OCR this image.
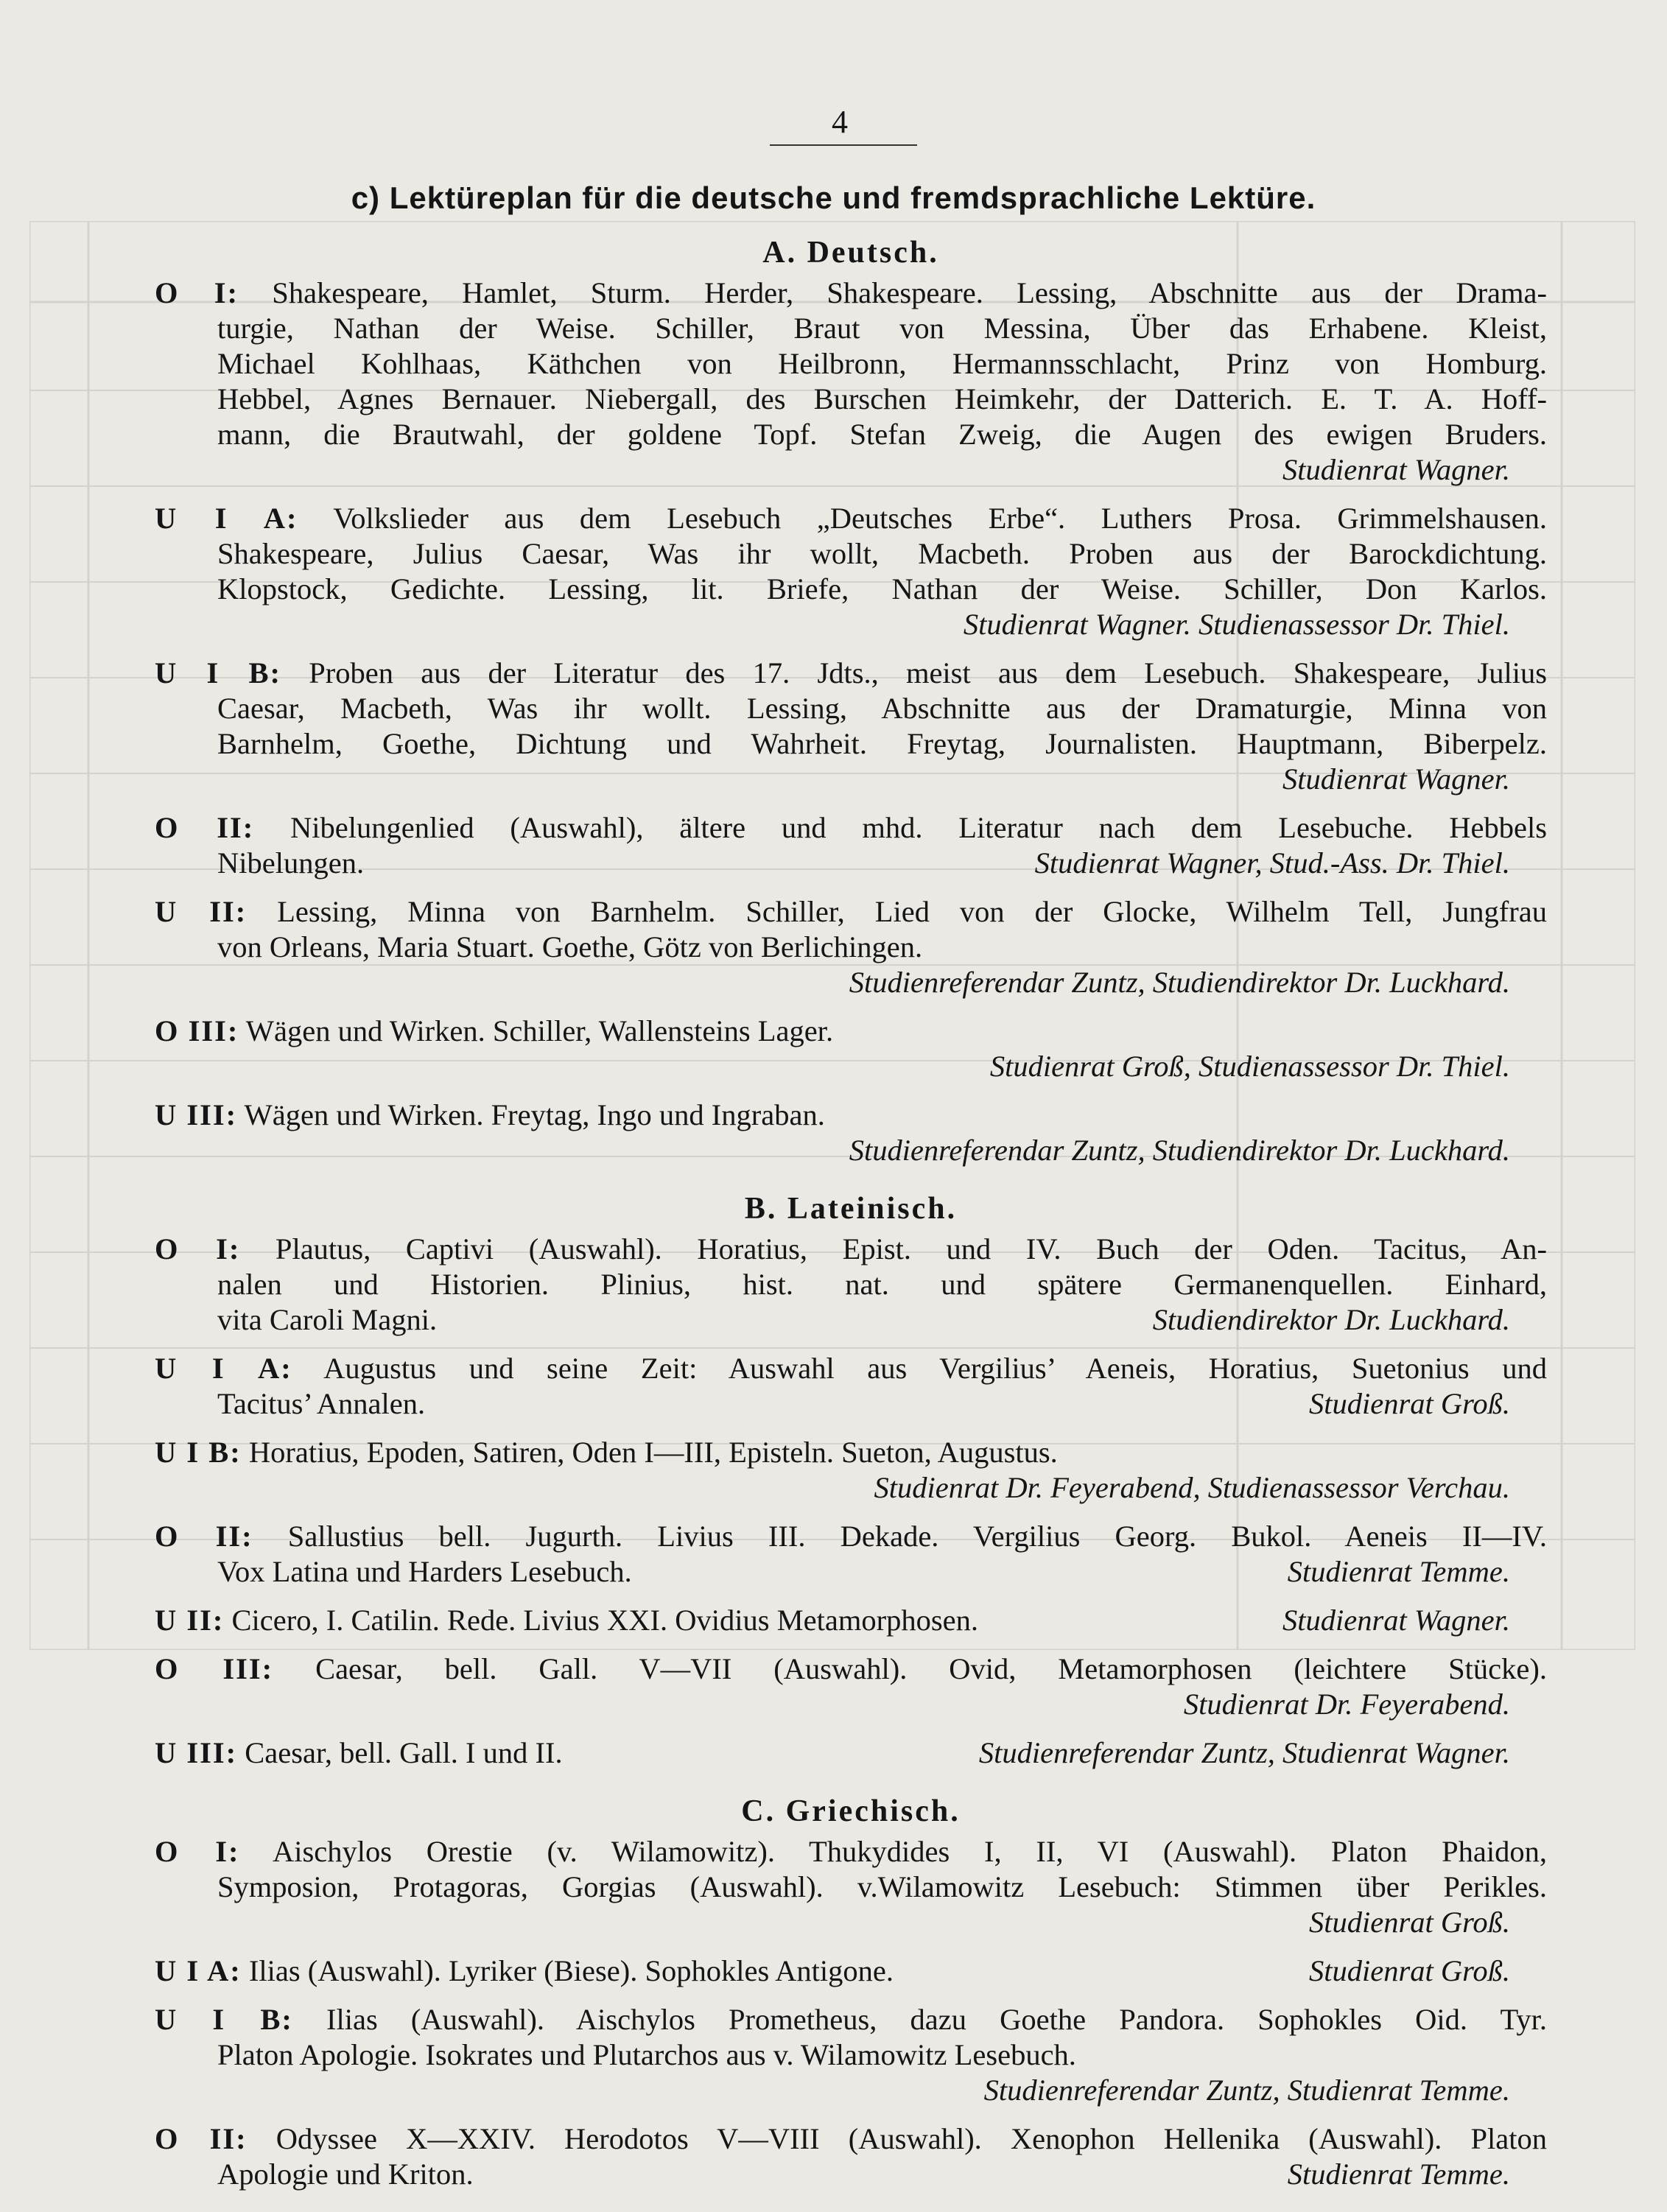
4
c) Lektüreplan für die deutsche und fremdsprachliche Lektüre.
A. Deutsch.
O I: Shakespeare, Hamlet, Sturm. Herder, Shakespeare. Lessing, Abschnitte aus der Drama-
turgie, Nathan der Weise. Schiller, Braut von Messina, Über das Erhabene. Kleist,
Michael Kohlhaas, Käthchen von Heilbronn, Hermannsschlacht, Prinz von Homburg.
Hebbel, Agnes Bernauer. Niebergall, des Burschen Heimkehr, der Datterich. E. T. A. Hoff-
mann, die Brautwahl, der goldene Topf. Stefan Zweig, die Augen des ewigen Bruders.
Studienrat Wagner.
U I A: Volkslieder aus dem Lesebuch „Deutsches Erbe“. Luthers Prosa. Grimmelshausen.
Shakespeare, Julius Caesar, Was ihr wollt, Macbeth. Proben aus der Barockdichtung.
Klopstock, Gedichte. Lessing, lit. Briefe, Nathan der Weise. Schiller, Don Karlos.
Studienrat Wagner. Studienassessor Dr. Thiel.
U I B: Proben aus der Literatur des 17. Jdts., meist aus dem Lesebuch. Shakespeare, Julius
Caesar, Macbeth, Was ihr wollt. Lessing, Abschnitte aus der Dramaturgie, Minna von
Barnhelm, Goethe, Dichtung und Wahrheit. Freytag, Journalisten. Hauptmann, Biberpelz.
Studienrat Wagner.
O II: Nibelungenlied (Auswahl), ältere und mhd. Literatur nach dem Lesebuche. Hebbels
Nibelungen.	Studienrat Wagner, Stud.-Ass. Dr. Thiel.
U II: Lessing, Minna von Barnhelm. Schiller, Lied von der Glocke, Wilhelm Tell, Jungfrau
von Orleans, Maria Stuart. Goethe, Götz von Berlichingen.
Studienreferendar Zuntz, Studiendirektor Dr. Luckhard.
O III: Wägen und Wirken. Schiller, Wallensteins Lager.
Studienrat Groß, Studienassessor Dr. Thiel.
U III: Wägen und Wirken. Freytag, Ingo und Ingraban.
Studienreferendar Zuntz, Studiendirektor Dr. Luckhard.
B. Lateinisch.
O I: Plautus, Captivi (Auswahl). Horatius, Epist. und IV. Buch der Oden. Tacitus, An-
nalen und Historien. Plinius, hist. nat. und spätere Germanenquellen. Einhard,
vita Caroli Magni.	Studiendirektor Dr. Luckhard.
U I A: Augustus und seine Zeit: Auswahl aus Vergilius’ Aeneis, Horatius, Suetonius und
Tacitus’ Annalen.	Studienrat Groß.
U I B: Horatius, Epoden, Satiren, Oden I—III, Episteln. Sueton, Augustus.
Studienrat Dr. Feyerabend, Studienassessor Verchau.
O II: Sallustius bell. Jugurth. Livius III. Dekade. Vergilius Georg. Bukol. Aeneis II—IV.
Vox Latina und Harders Lesebuch.	Studienrat Temme.
U II: Cicero, I. Catilin. Rede. Livius XXI. Ovidius Metamorphosen.	Studienrat Wagner.
O III: Caesar, bell. Gall. V—VII (Auswahl). Ovid, Metamorphosen (leichtere Stücke).
Studienrat Dr. Feyerabend.
U III: Caesar, bell. Gall. I und II.	Studienreferendar Zuntz, Studienrat Wagner.
C. Griechisch.
O I: Aischylos Orestie (v. Wilamowitz). Thukydides I, II, VI (Auswahl). Platon Phaidon,
Symposion, Protagoras, Gorgias (Auswahl). v.Wilamowitz Lesebuch: Stimmen über Perikles.
Studienrat Groß.
U I A: Ilias (Auswahl). Lyriker (Biese). Sophokles Antigone.	Studienrat Groß.
U I B: Ilias (Auswahl). Aischylos Prometheus, dazu Goethe Pandora. Sophokles Oid. Tyr.
Platon Apologie. Isokrates und Plutarchos aus v. Wilamowitz Lesebuch.
Studienreferendar Zuntz, Studienrat Temme.
O II: Odyssee X—XXIV. Herodotos V—VIII (Auswahl). Xenophon Hellenika (Auswahl). Platon
Apologie und Kriton.	Studienrat Temme.
